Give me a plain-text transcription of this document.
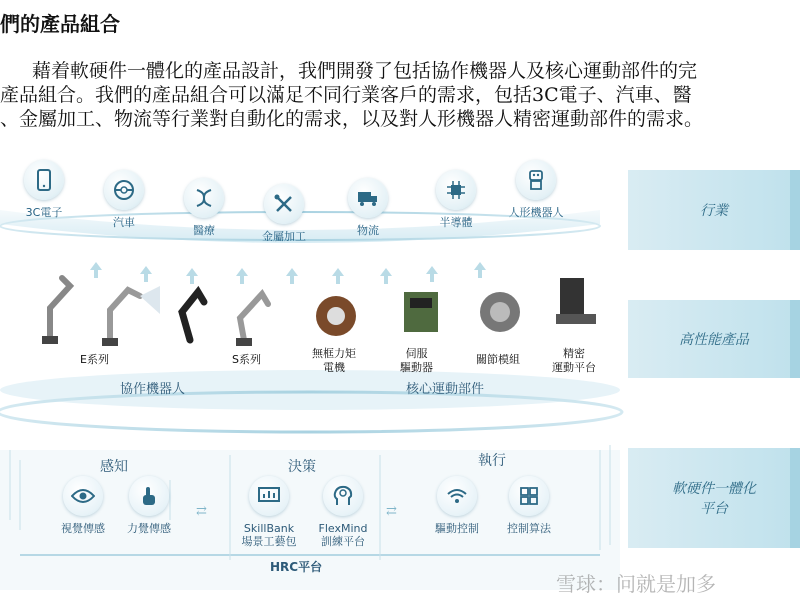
們的產品組合
藉着軟硬件一體化的產品設計，我們開發了包括協作機器人及核心運動部件的完
產品組合。我們的產品組合可以滿足不同行業客戶的需求，包括3C電子、汽車、醫
、金屬加工、物流等行業對自動化的需求，以及對人形機器人精密運動部件的需求。
行業
高性能產品
軟硬件一體化
平台
3C電子
汽車
醫療	金屬加工	物流
半導體
人形機器人
E系列	S系列	無框力矩
電機
伺服
驅動器
關節模組	精密
運動平台
協作機器人	核心運動部件
感知	決策	執行
視覺傳感	力覺傳感
⇄
SkillBank
場景工藝包
FlexMind
訓練平台
⇄
驅動控制	控制算法
HRC平台
雪球：问就是加多
